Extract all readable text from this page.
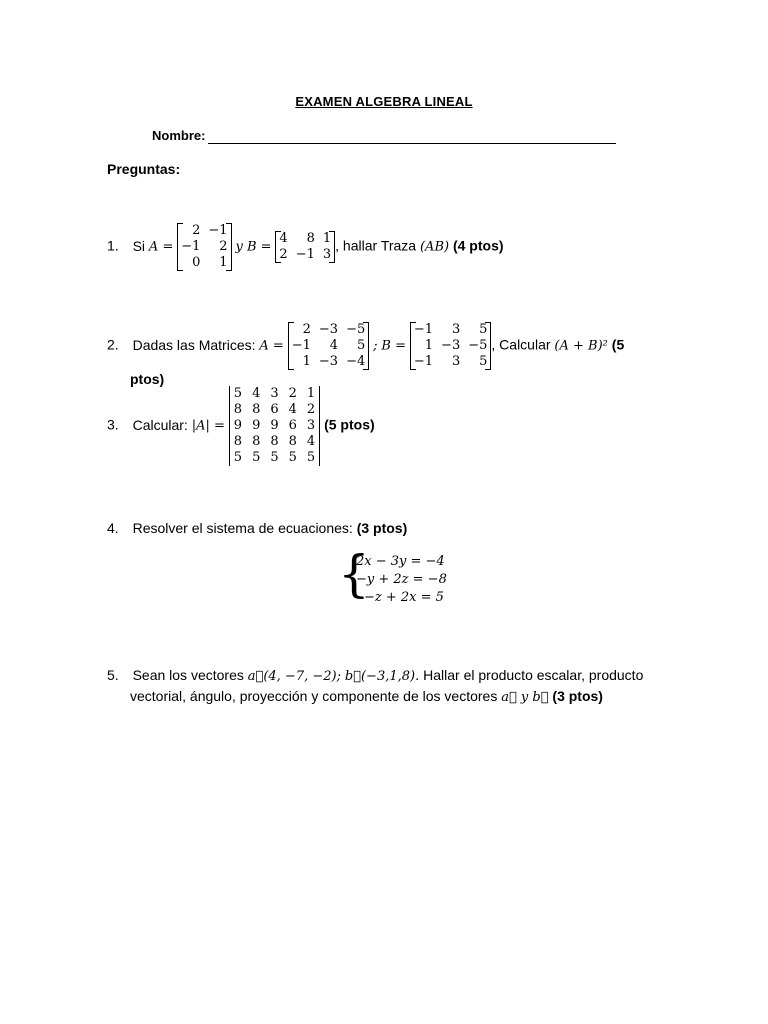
EXAMEN ALGEBRA LINEAL
Nombre:
Preguntas:
1. Si A =
2	−1
−1	2
0	1
y B =
4	8	1
2	−1	3
, hallar Traza (AB) (4 ptos)
2. Dadas las Matrices: A =
2	−3	−5
−1	4	5
1	−3	−4
; B =
−1	3	5
1	−3	−5
−1	3	5
, Calcular (A + B)² (5
ptos)
3. Calcular: |A| =
5	4	3	2	1
8	8	6	4	2
9	9	9	6	3
8	8	8	8	4
5	5	5	5	5
(5 ptos)
4. Resolver el sistema de ecuaciones: (3 ptos)
{
2x − 3y = −4
−y + 2z = −8
−z + 2x = 5
5. Sean los vectores a⃗(4, −7, −2); b⃗(−3,1,8). Hallar el producto escalar, producto
vectorial, ángulo, proyección y componente de los vectores a⃗ y b⃗ (3 ptos)
